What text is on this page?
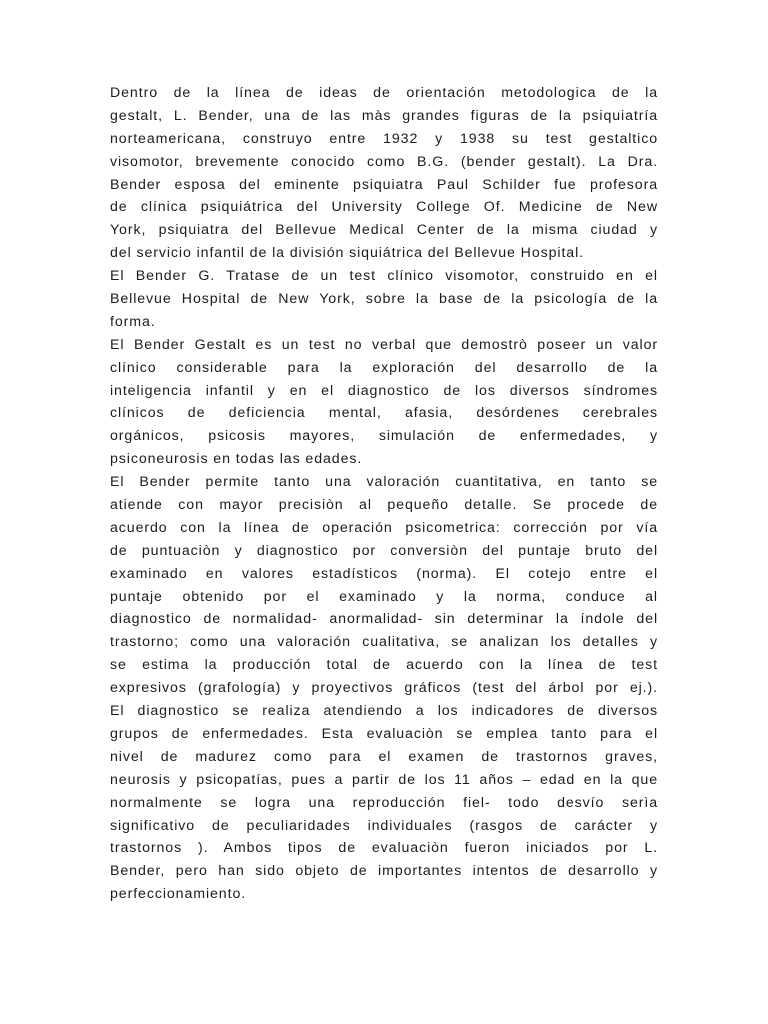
Dentro de la línea de ideas de orientación metodologica de la
gestalt, L. Bender, una de las màs grandes figuras de la psiquiatría
norteamericana, construyo entre 1932 y 1938 su test gestaltico
visomotor, brevemente conocido como B.G. (bender gestalt). La Dra.
Bender esposa del eminente psiquiatra Paul Schilder fue profesora
de clínica psiquiátrica del University College Of. Medicine de New
York, psiquiatra del Bellevue Medical Center de la misma ciudad y
del servicio infantil de la división siquiátrica del Bellevue Hospital.
El Bender G. Tratase de un test clínico visomotor, construido en el
Bellevue Hospital de New York, sobre la base de la psicología de la
forma.
El Bender Gestalt es un test no verbal que demostrò poseer un valor
clínico considerable para la exploración del desarrollo de la
inteligencia infantil y en el diagnostico de los diversos síndromes
clínicos de deficiencia mental, afasia, desórdenes cerebrales
orgánicos, psicosis mayores, simulación de enfermedades, y
psiconeurosis en todas las edades.
El Bender permite tanto una valoración cuantitativa, en tanto se
atiende con mayor precisiòn al pequeño detalle. Se procede de
acuerdo con la línea de operación psicometrica: corrección por vía
de puntuaciòn y diagnostico por conversiòn del puntaje bruto del
examinado en valores estadísticos (norma). El cotejo entre el
puntaje obtenido por el examinado y la norma, conduce al
diagnostico de normalidad- anormalidad- sin determinar la índole del
trastorno; como una valoración cualitativa, se analizan los detalles y
se estima la producción total de acuerdo con la línea de test
expresivos (grafología) y proyectivos gráficos (test del árbol por ej.).
El diagnostico se realiza atendiendo a los indicadores de diversos
grupos de enfermedades. Esta evaluaciòn se emplea tanto para el
nivel de madurez como para el examen de trastornos graves,
neurosis y psicopatías, pues a partir de los 11 años – edad en la que
normalmente se logra una reproducción fiel- todo desvío serìa
significativo de peculiaridades individuales (rasgos de carácter y
trastornos ). Ambos tipos de evaluaciòn fueron iniciados por L.
Bender, pero han sido objeto de importantes intentos de desarrollo y
perfeccionamiento.
